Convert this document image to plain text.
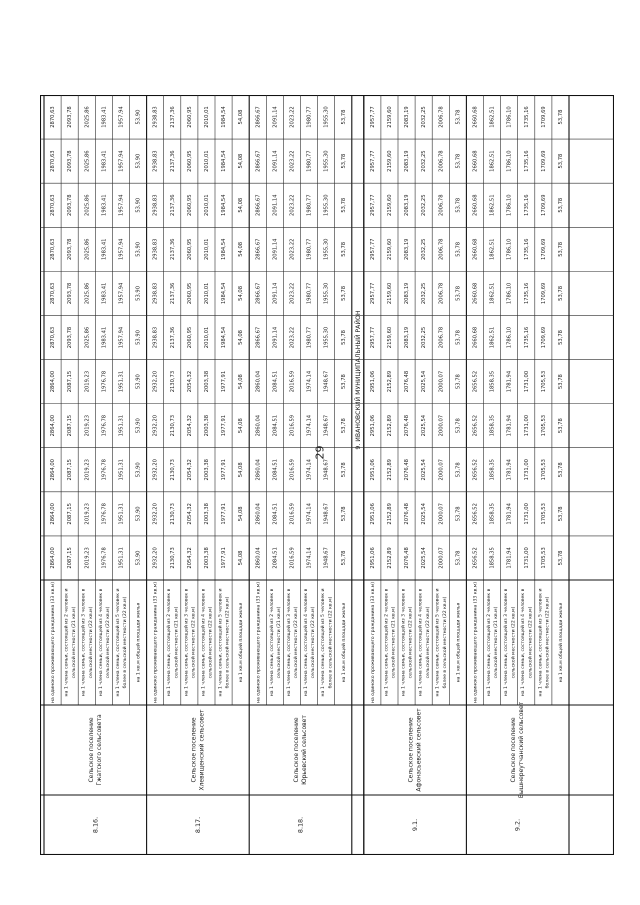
29
8.16.
Сельское поселение Гжатского сельсовета
на одиноко проживающего гражданина (33 кв.м)
2864,00
2864,00
2864,00
2864,00
2864,00
2870,63
2870,63
2870,63
2870,63
2870,63
2870,63
на 1 члена семьи, состоящей из 2 человек и сельской местности (21 кв.м)
2087,15
2087,15
2087,15
2087,15
2087,15
2093,78
2093,78
2093,78
2093,78
2093,78
2093,78
на 1 члена семьи, состоящей из 3 человек в сельской местности (22 кв.м)
2019,23
2019,23
2019,23
2019,23
2019,23
2025,86
2025,86
2025,86
2025,86
2025,86
2025,86
на 1 члена семьи, состоящей из 4 человек в сельской местности (22 кв.м)
1976,78
1976,78
1976,78
1976,78
1976,78
1983,41
1983,41
1983,41
1983,41
1983,41
1983,41
на 1 члена семьи, состоящей из 5 человек и более в сельской местности (22 кв.м)
1951,31
1951,31
1951,31
1951,31
1951,31
1957,94
1957,94
1957,94
1957,94
1957,94
1957,94
на 1 кв.м общей площади жилья
53,90
53,90
53,90
53,90
53,90
53,90
53,90
53,90
53,90
53,90
53,90
8.17.
Сельское поселение Хлевищенский сельсовет
на одиноко проживающего гражданина (33 кв.м)
2932,20
2932,20
2932,20
2932,20
2932,20
2938,83
2938,83
2938,83
2938,83
2938,83
2938,83
на 1 члена семьи, состоящей из 2 человек в сельской местности (21 кв.м)
2130,73
2130,73
2130,73
2130,73
2130,73
2137,36
2137,36
2137,36
2137,36
2137,36
2137,36
на 1 члена семьи, состоящей из 3 человек в сельской местности (22 кв.м)
2054,32
2054,32
2054,32
2054,32
2054,32
2060,95
2060,95
2060,95
2060,95
2060,95
2060,95
на 1 члена семьи, состоящей из 4 человек в сельской местности (22 кв.м)
2003,38
2003,38
2003,38
2003,38
2003,38
2010,01
2010,01
2010,01
2010,01
2010,01
2010,01
на 1 члена семьи, состоящей из 5 человек и более в сельской местности (22 кв.м)
1977,91
1977,91
1977,91
1977,91
1977,91
1984,54
1984,54
1984,54
1984,54
1984,54
1984,54
на 1 кв.м общей площади жилья
54,08
54,08
54,08
54,08
54,08
54,08
54,08
54,08
54,08
54,08
54,08
8.18.
Сельское поселение Юрьевский сельсовет
на одиноко проживающего гражданина (33 кв.м)
2860,04
2860,04
2860,04
2860,04
2860,04
2866,67
2866,67
2866,67
2866,67
2866,67
2866,67
на 1 члена семьи, состоящей из 2 человек в сельской местности (21 кв.м)
2084,51
2084,51
2084,51
2084,51
2084,51
2091,14
2091,14
2091,14
2091,14
2091,14
2091,14
на 1 члена семьи, состоящей из 3 человек в сельской местности (22 кв.м)
2016,59
2016,59
2016,59
2016,59
2016,59
2023,22
2023,22
2023,22
2023,22
2023,22
2023,22
на 1 члена семьи, состоящей из 4 человек в сельской местности (22 кв.м)
1974,14
1974,14
1974,14
1974,14
1974,14
1980,77
1980,77
1980,77
1980,77
1980,77
1980,77
на 1 члена семьи, состоящей из 5 человек и более в сельской местности (22 кв.м)
1948,67
1948,67
1948,67
1948,67
1948,67
1955,30
1955,30
1955,30
1955,30
1955,30
1955,30
на 1 кв.м общей площади жилья
53,78
53,78
53,78
53,78
53,78
53,78
53,78
53,78
53,78
53,78
53,78
9. ИВАНОВСКИЙ МУНИЦИПАЛЬНЫЙ РАЙОН
9.1.
Сельское поселение Афонасьевский сельсовет
на одиноко проживающего гражданина (33 кв.м)
2951,06
2951,06
2951,06
2951,06
2951,06
2957,77
2957,77
2957,77
2957,77
2957,77
2957,77
на 1 члена семьи, состоящей из 2 человек в сельской местности (21 кв.м)
2152,89
2152,89
2152,89
2152,89
2152,89
2159,60
2159,60
2159,60
2159,60
2159,60
2159,60
на 1 члена семьи, состоящей из 3 человек в сельской местности (22 кв.м)
2076,48
2076,48
2076,48
2076,48
2076,48
2083,19
2083,19
2083,19
2083,19
2083,19
2083,19
на 1 члена семьи, состоящей из 4 человек в сельской местности (22 кв.м)
2025,54
2025,54
2025,54
2025,54
2025,54
2032,25
2032,25
2032,25
2032,25
2032,25
2032,25
на 1 члена семьи, состоящей из 5 человек и более в сельской местности (22 кв.м)
2000,07
2000,07
2000,07
2000,07
2000,07
2006,78
2006,78
2006,78
2006,78
2006,78
2006,78
на 1 кв.м общей площади жилья
53,78
53,78
53,78
53,78
53,78
53,78
53,78
53,78
53,78
53,78
53,78
9.2.
Сельское поселение Вышнереутчанский сельсовет
на одиноко проживающего гражданина (33 кв.м)
2656,52
2656,52
2656,52
2656,52
2656,52
2660,68
2660,68
2660,68
2660,68
2660,68
2660,68
на 1 члена семьи, состоящей из 2 человек в сельской местности (21 кв.м)
1858,35
1858,35
1858,35
1858,35
1858,35
1862,51
1862,51
1862,51
1862,51
1862,51
1862,51
на 1 члена семьи, состоящей из 3 человек в сельской местности (22 кв.м)
1781,94
1781,94
1781,94
1781,94
1781,94
1786,10
1786,10
1786,10
1786,10
1786,10
1786,10
на 1 члена семьи, состоящей из 4 человек в сельской местности (22 кв.м)
1731,00
1731,00
1731,00
1731,00
1731,00
1735,16
1735,16
1735,16
1735,16
1735,16
1735,16
на 1 члена семьи, состоящей из 5 человек и более в сельской местности (22 кв.м)
1705,53
1705,53
1705,53
1705,53
1705,53
1709,69
1709,69
1709,69
1709,69
1709,69
1709,69
на 1 кв.м общей площади жилья
53,78
53,78
53,78
53,78
53,78
53,78
53,78
53,78
53,78
53,78
53,78
